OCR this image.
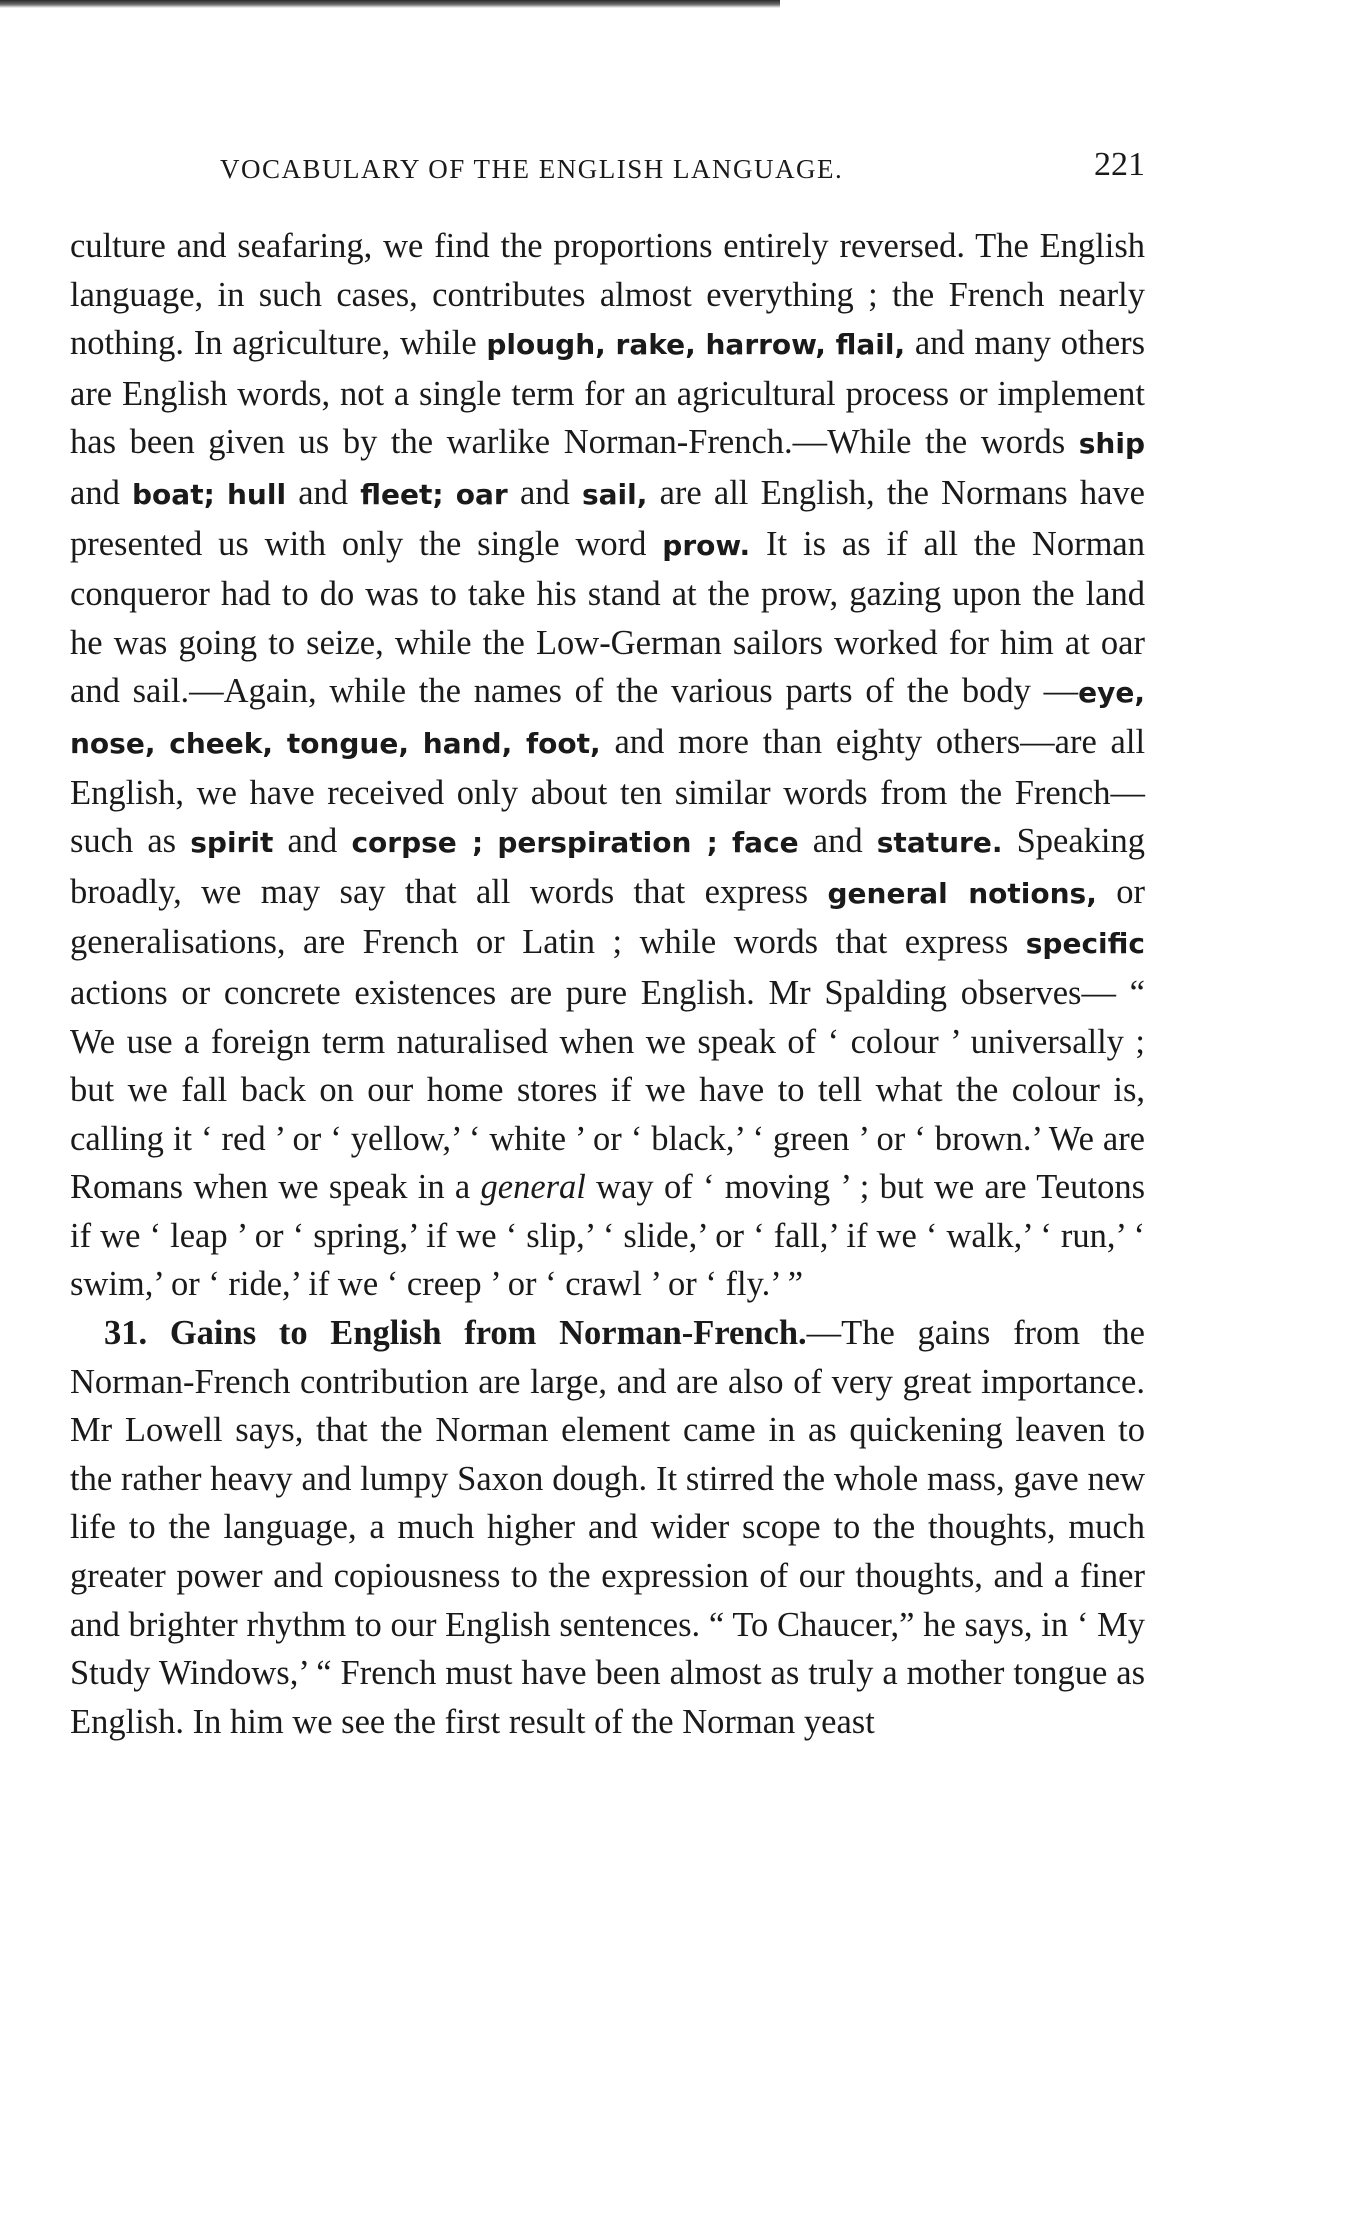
VOCABULARY OF THE ENGLISH LANGUAGE.	221

culture and seafaring, we find the proportions entirely reversed. The English language, in such cases, contributes almost everything ; the French nearly nothing. In agriculture, while plough, rake, harrow, flail, and many others are English words, not a single term for an agricultural process or implement has been given us by the warlike Norman-French.—While the words ship and boat; hull and fleet; oar and sail, are all English, the Normans have presented us with only the single word prow. It is as if all the Norman conqueror had to do was to take his stand at the prow, gazing upon the land he was going to seize, while the Low-German sailors worked for him at oar and sail.—Again, while the names of the various parts of the body —eye, nose, cheek, tongue, hand, foot, and more than eighty others—are all English, we have received only about ten similar words from the French—such as spirit and corpse ; perspiration ; face and stature. Speaking broadly, we may say that all words that express general notions, or generalisations, are French or Latin ; while words that express specific actions or concrete existences are pure English. Mr Spalding observes— “ We use a foreign term naturalised when we speak of ‘ colour ’ universally ; but we fall back on our home stores if we have to tell what the colour is, calling it ‘ red ’ or ‘ yellow,’ ‘ white ’ or ‘ black,’ ‘ green ’ or ‘ brown.’ We are Romans when we speak in a general way of ‘ moving ’ ; but we are Teutons if we ‘ leap ’ or ‘ spring,’ if we ‘ slip,’ ‘ slide,’ or ‘ fall,’ if we ‘ walk,’ ‘ run,’ ‘ swim,’ or ‘ ride,’ if we ‘ creep ’ or ‘ crawl ’ or ‘ fly.’ ”

31. Gains to English from Norman-French.—The gains from the Norman-French contribution are large, and are also of very great importance. Mr Lowell says, that the Norman element came in as quickening leaven to the rather heavy and lumpy Saxon dough. It stirred the whole mass, gave new life to the language, a much higher and wider scope to the thoughts, much greater power and copiousness to the expression of our thoughts, and a finer and brighter rhythm to our English sentences. “ To Chaucer,” he says, in ‘ My Study Windows,’ “ French must have been almost as truly a mother tongue as English. In him we see the first result of the Norman yeast
